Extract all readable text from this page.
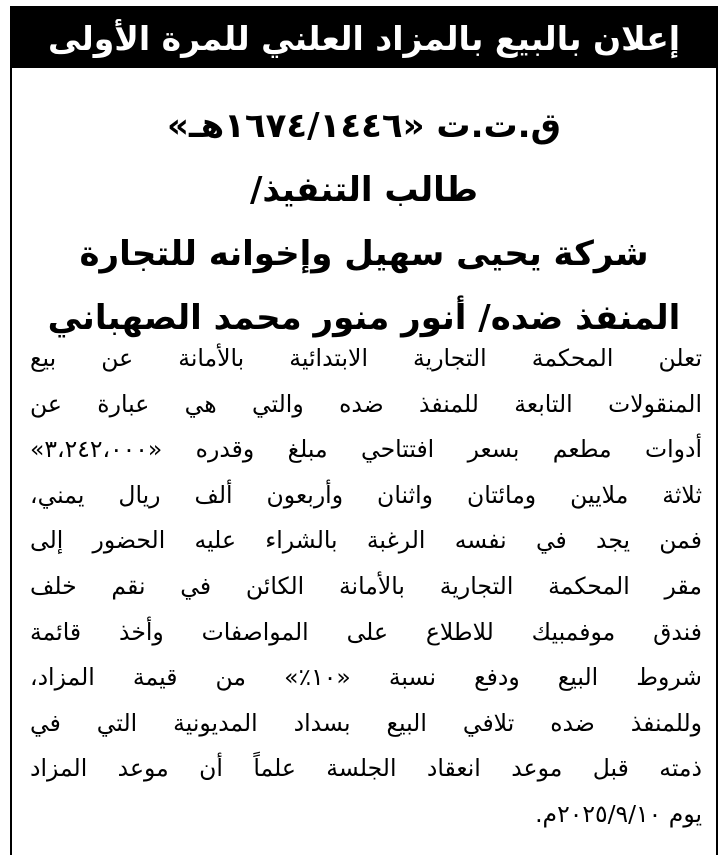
إعلان بالبيع بالمزاد العلني للمرة الأولى
ق.ت.ت «١٦٧٤/١٤٤٦هـ»
طالب التنفيذ/
شركة يحيى سهيل وإخوانه للتجارة
المنفذ ضده/ أنور منور محمد الصهباني
تعلن المحكمة التجارية الابتدائية بالأمانة عن بيع
المنقولات التابعة للمنفذ ضده والتي هي عبارة عن
أدوات مطعم بسعر افتتاحي مبلغ وقدره «٣،٢٤٢،٠٠٠»
ثلاثة ملايين ومائتان واثنان وأربعون ألف ريال يمني،
فمن يجد في نفسه الرغبة بالشراء عليه الحضور إلى
مقر المحكمة التجارية بالأمانة الكائن في نقم خلف
فندق موفمبيك للاطلاع على المواصفات وأخذ قائمة
شروط البيع ودفع نسبة «١٠٪» من قيمة المزاد،
وللمنفذ ضده تلافي البيع بسداد المديونية التي في
ذمته قبل موعد انعقاد الجلسة علماً أن موعد المزاد
يوم ٢٠٢٥/٩/١٠م.
